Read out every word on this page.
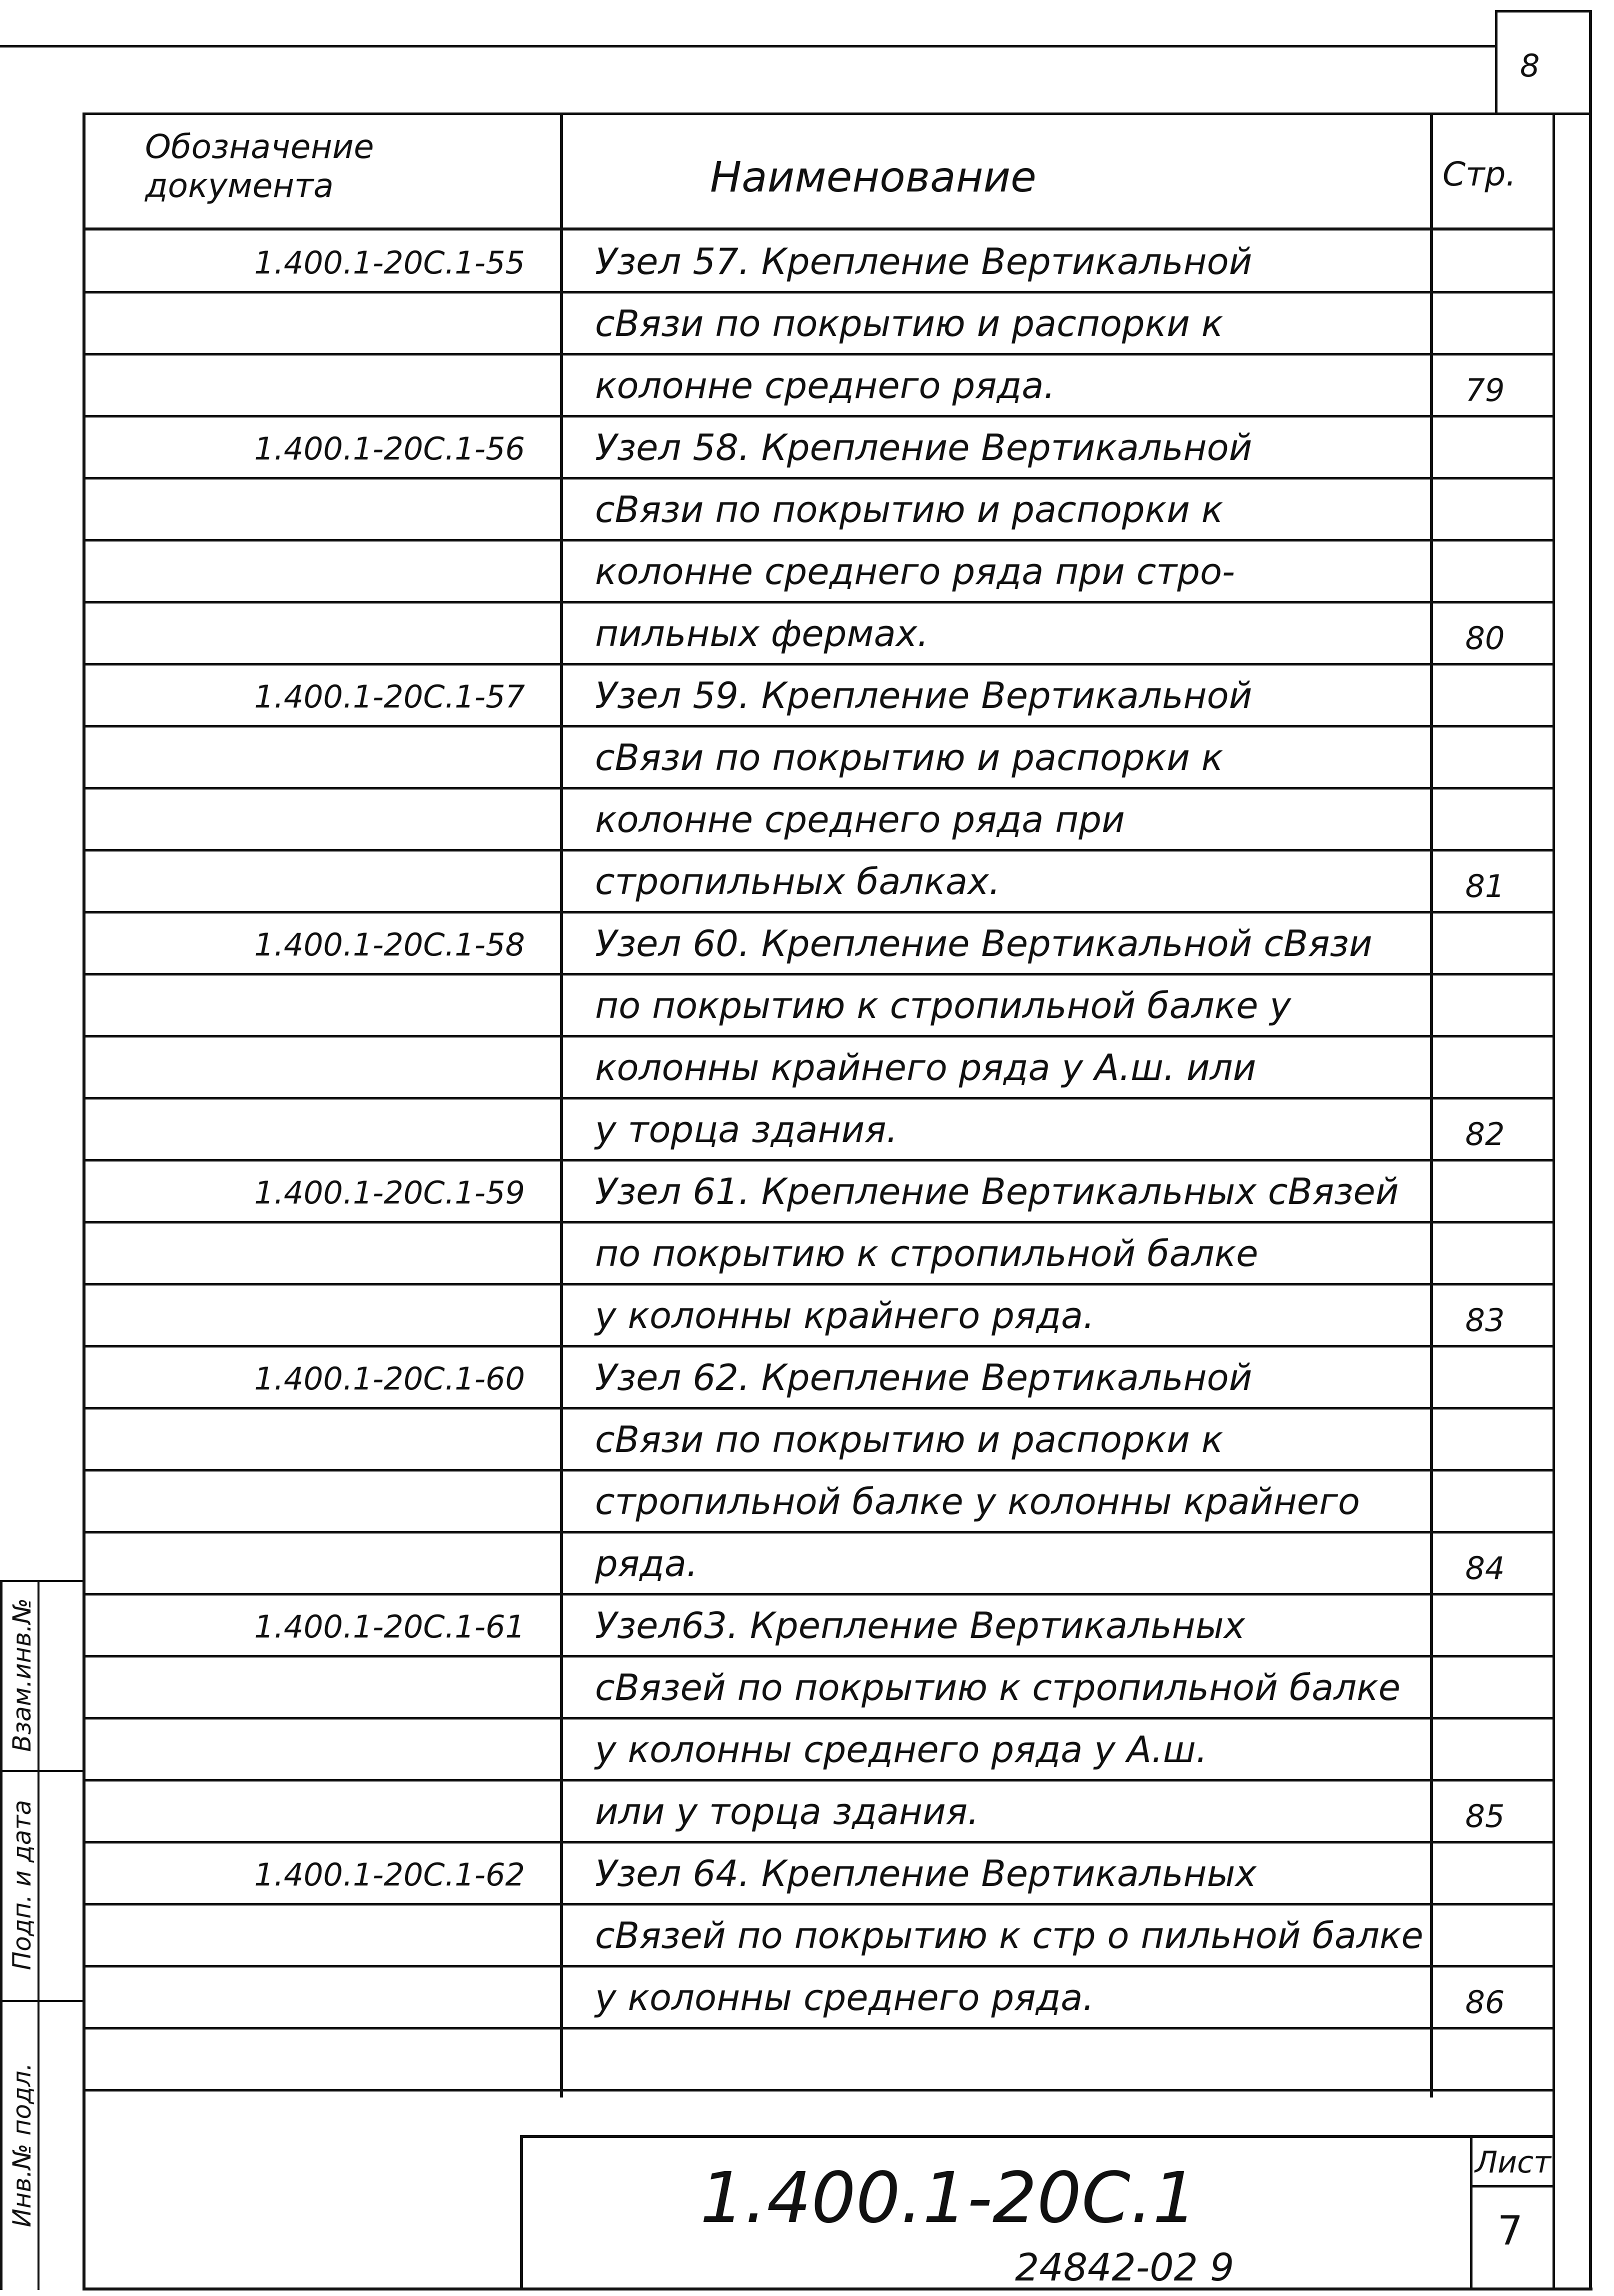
Взам.инв.№
Подп. и дата
Инв.№ подл.
8
Обозначение документа	Наименование	Стр.
1.400.1-20С.1-55 Узел 57. Крепление Вертикальной
сВязи по покрытию и распорки к
колонне среднего ряда.	79
1.400.1-20С.1-56 Узел 58. Крепление Вертикальной
сВязи по покрытию и распорки к
колонне среднего ряда при стро-
пильных фермах.	80
1.400.1-20С.1-57 Узел 59. Крепление Вертикальной
сВязи по покрытию и распорки к
колонне среднего ряда при
стропильных балках.	81
1.400.1-20С.1-58 Узел 60. Крепление Вертикальной сВязи
по покрытию к стропильной балке у
колонны крайнего ряда у А.ш. или
у торца здания.	82
1.400.1-20С.1-59 Узел 61. Крепление Вертикальных сВязей
по покрытию к стропильной балке
у колонны крайнего ряда.	83
1.400.1-20С.1-60 Узел 62. Крепление Вертикальной
сВязи по покрытию и распорки к
стропильной балке у колонны крайнего
ряда.	84
1.400.1-20С.1-61 Узел63. Крепление Вертикальных
сВязей по покрытию к стропильной балке
у колонны среднего ряда у А.ш.
или у торца здания.	85
1.400.1-20С.1-62 Узел 64. Крепление Вертикальных
сВязей по покрытию к стр о пильной балке
у колонны среднего ряда.	86
1.400.1-20С.1	Лист
7
24842-02 9
